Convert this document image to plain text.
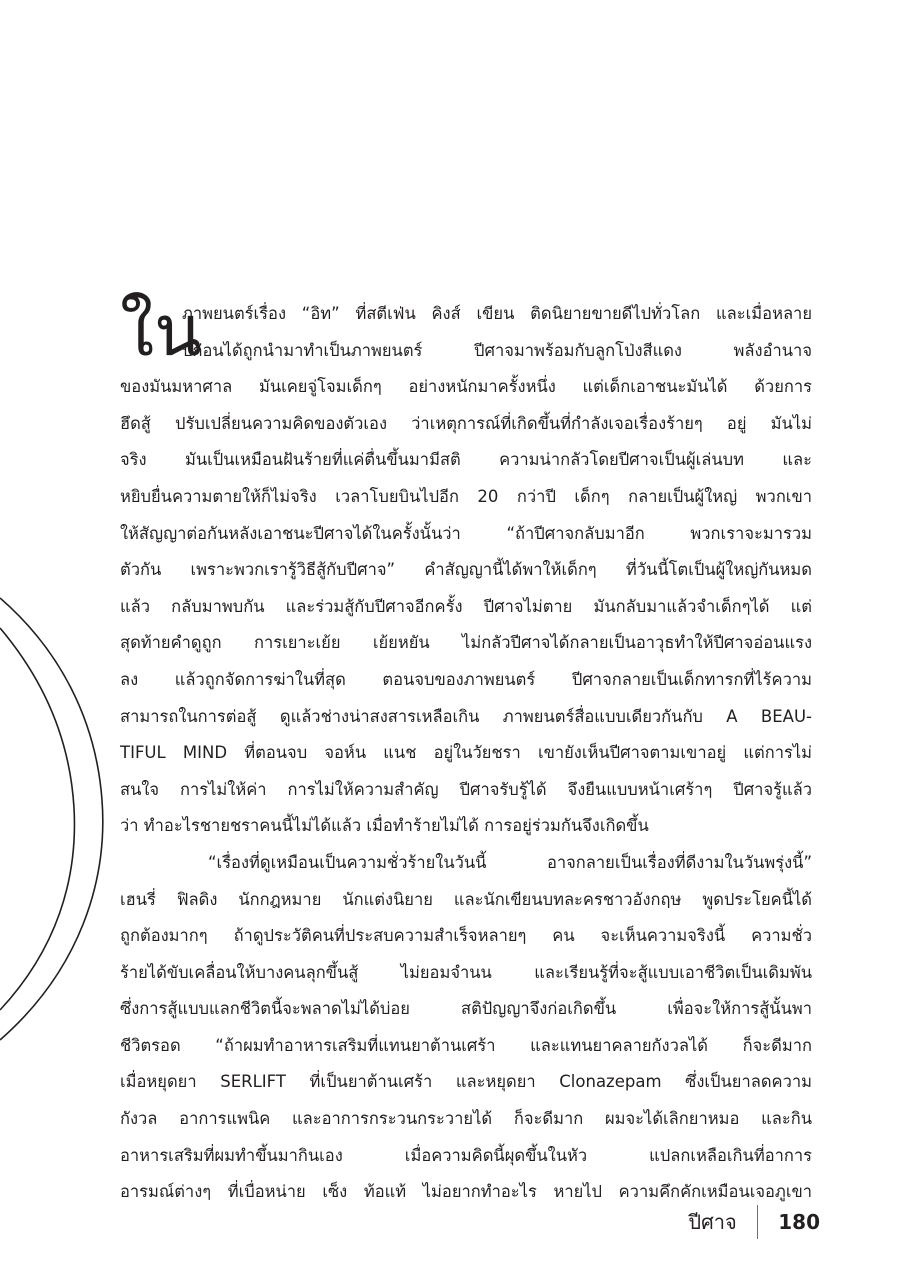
ใน
ภาพยนตร์เรื่อง “อิท” ที่สตีเฟ่น คิงส์ เขียน ติดนิยายขายดีไปทั่วโลก และเมื่อหลาย
ปีก่อนได้ถูกนำมาทำเป็นภาพยนตร์ ปีศาจมาพร้อมกับลูกโป่งสีแดง พลังอำนาจ
ของมันมหาศาล มันเคยจู่โจมเด็กๆ อย่างหนักมาครั้งหนึ่ง แต่เด็กเอาชนะมันได้ ด้วยการ
ฮึดสู้ ปรับเปลี่ยนความคิดของตัวเอง ว่าเหตุการณ์ที่เกิดขึ้นที่กำลังเจอเรื่องร้ายๆ อยู่ มันไม่
จริง มันเป็นเหมือนฝันร้ายที่แค่ตื่นขึ้นมามีสติ ความน่ากลัวโดยปีศาจเป็นผู้เล่นบท และ
หยิบยื่นความตายให้ก็ไม่จริง เวลาโบยบินไปอีก 20 กว่าปี เด็กๆ กลายเป็นผู้ใหญ่ พวกเขา
ให้สัญญาต่อกันหลังเอาชนะปีศาจได้ในครั้งนั้นว่า “ถ้าปีศาจกลับมาอีก พวกเราจะมารวม
ตัวกัน เพราะพวกเรารู้วิธีสู้กับปีศาจ” คำสัญญานี้ได้พาให้เด็กๆ ที่วันนี้โตเป็นผู้ใหญ่กันหมด
แล้ว กลับมาพบกัน และร่วมสู้กับปีศาจอีกครั้ง ปีศาจไม่ตาย มันกลับมาแล้วจำเด็กๆได้ แต่
สุดท้ายคำดูถูก การเยาะเย้ย เย้ยหยัน ไม่กลัวปีศาจได้กลายเป็นอาวุธทำให้ปีศาจอ่อนแรง
ลง แล้วถูกจัดการฆ่าในที่สุด ตอนจบของภาพยนตร์ ปีศาจกลายเป็นเด็กทารกที่ไร้ความ
สามารถในการต่อสู้ ดูแล้วช่างน่าสงสารเหลือเกิน ภาพยนตร์สื่อแบบเดียวกันกับ A BEAU-
TIFUL MIND ที่ตอนจบ จอห์น แนช อยู่ในวัยชรา เขายังเห็นปีศาจตามเขาอยู่ แต่การไม่
สนใจ การไม่ให้ค่า การไม่ให้ความสำคัญ ปีศาจรับรู้ได้ จึงยืนแบบหน้าเศร้าๆ ปีศาจรู้แล้ว
ว่า ทำอะไรชายชราคนนี้ไม่ได้แล้ว เมื่อทำร้ายไม่ได้ การอยู่ร่วมกันจึงเกิดขึ้น
“เรื่องที่ดูเหมือนเป็นความชั่วร้ายในวันนี้ อาจกลายเป็นเรื่องที่ดีงามในวันพรุ่งนี้”
เฮนรี่ ฟิลดิง นักกฎหมาย นักแต่งนิยาย และนักเขียนบทละครชาวอังกฤษ พูดประโยคนี้ได้
ถูกต้องมากๆ ถ้าดูประวัติคนที่ประสบความสำเร็จหลายๆ คน จะเห็นความจริงนี้ ความชั่ว
ร้ายได้ขับเคลื่อนให้บางคนลุกขึ้นสู้ ไม่ยอมจำนน และเรียนรู้ที่จะสู้แบบเอาชีวิตเป็นเดิมพัน
ซึ่งการสู้แบบแลกชีวิตนี้จะพลาดไม่ได้บ่อย สติปัญญาจึงก่อเกิดขึ้น เพื่อจะให้การสู้นั้นพา
ชีวิตรอด “ถ้าผมทำอาหารเสริมที่แทนยาต้านเศร้า และแทนยาคลายกังวลได้ ก็จะดีมาก
เมื่อหยุดยา SERLIFT ที่เป็นยาต้านเศร้า และหยุดยา Clonazepam ซึ่งเป็นยาลดความ
กังวล อาการแพนิค และอาการกระวนกระวายได้ ก็จะดีมาก ผมจะได้เลิกยาหมอ และกิน
อาหารเสริมที่ผมทำขึ้นมากินเอง เมื่อความคิดนี้ผุดขึ้นในหัว แปลกเหลือเกินที่อาการ
อารมณ์ต่างๆ ที่เบื่อหน่าย เซ็ง ท้อแท้ ไม่อยากทำอะไร หายไป ความคึกคักเหมือนเจอภูเขา
ปีศาจ 180
